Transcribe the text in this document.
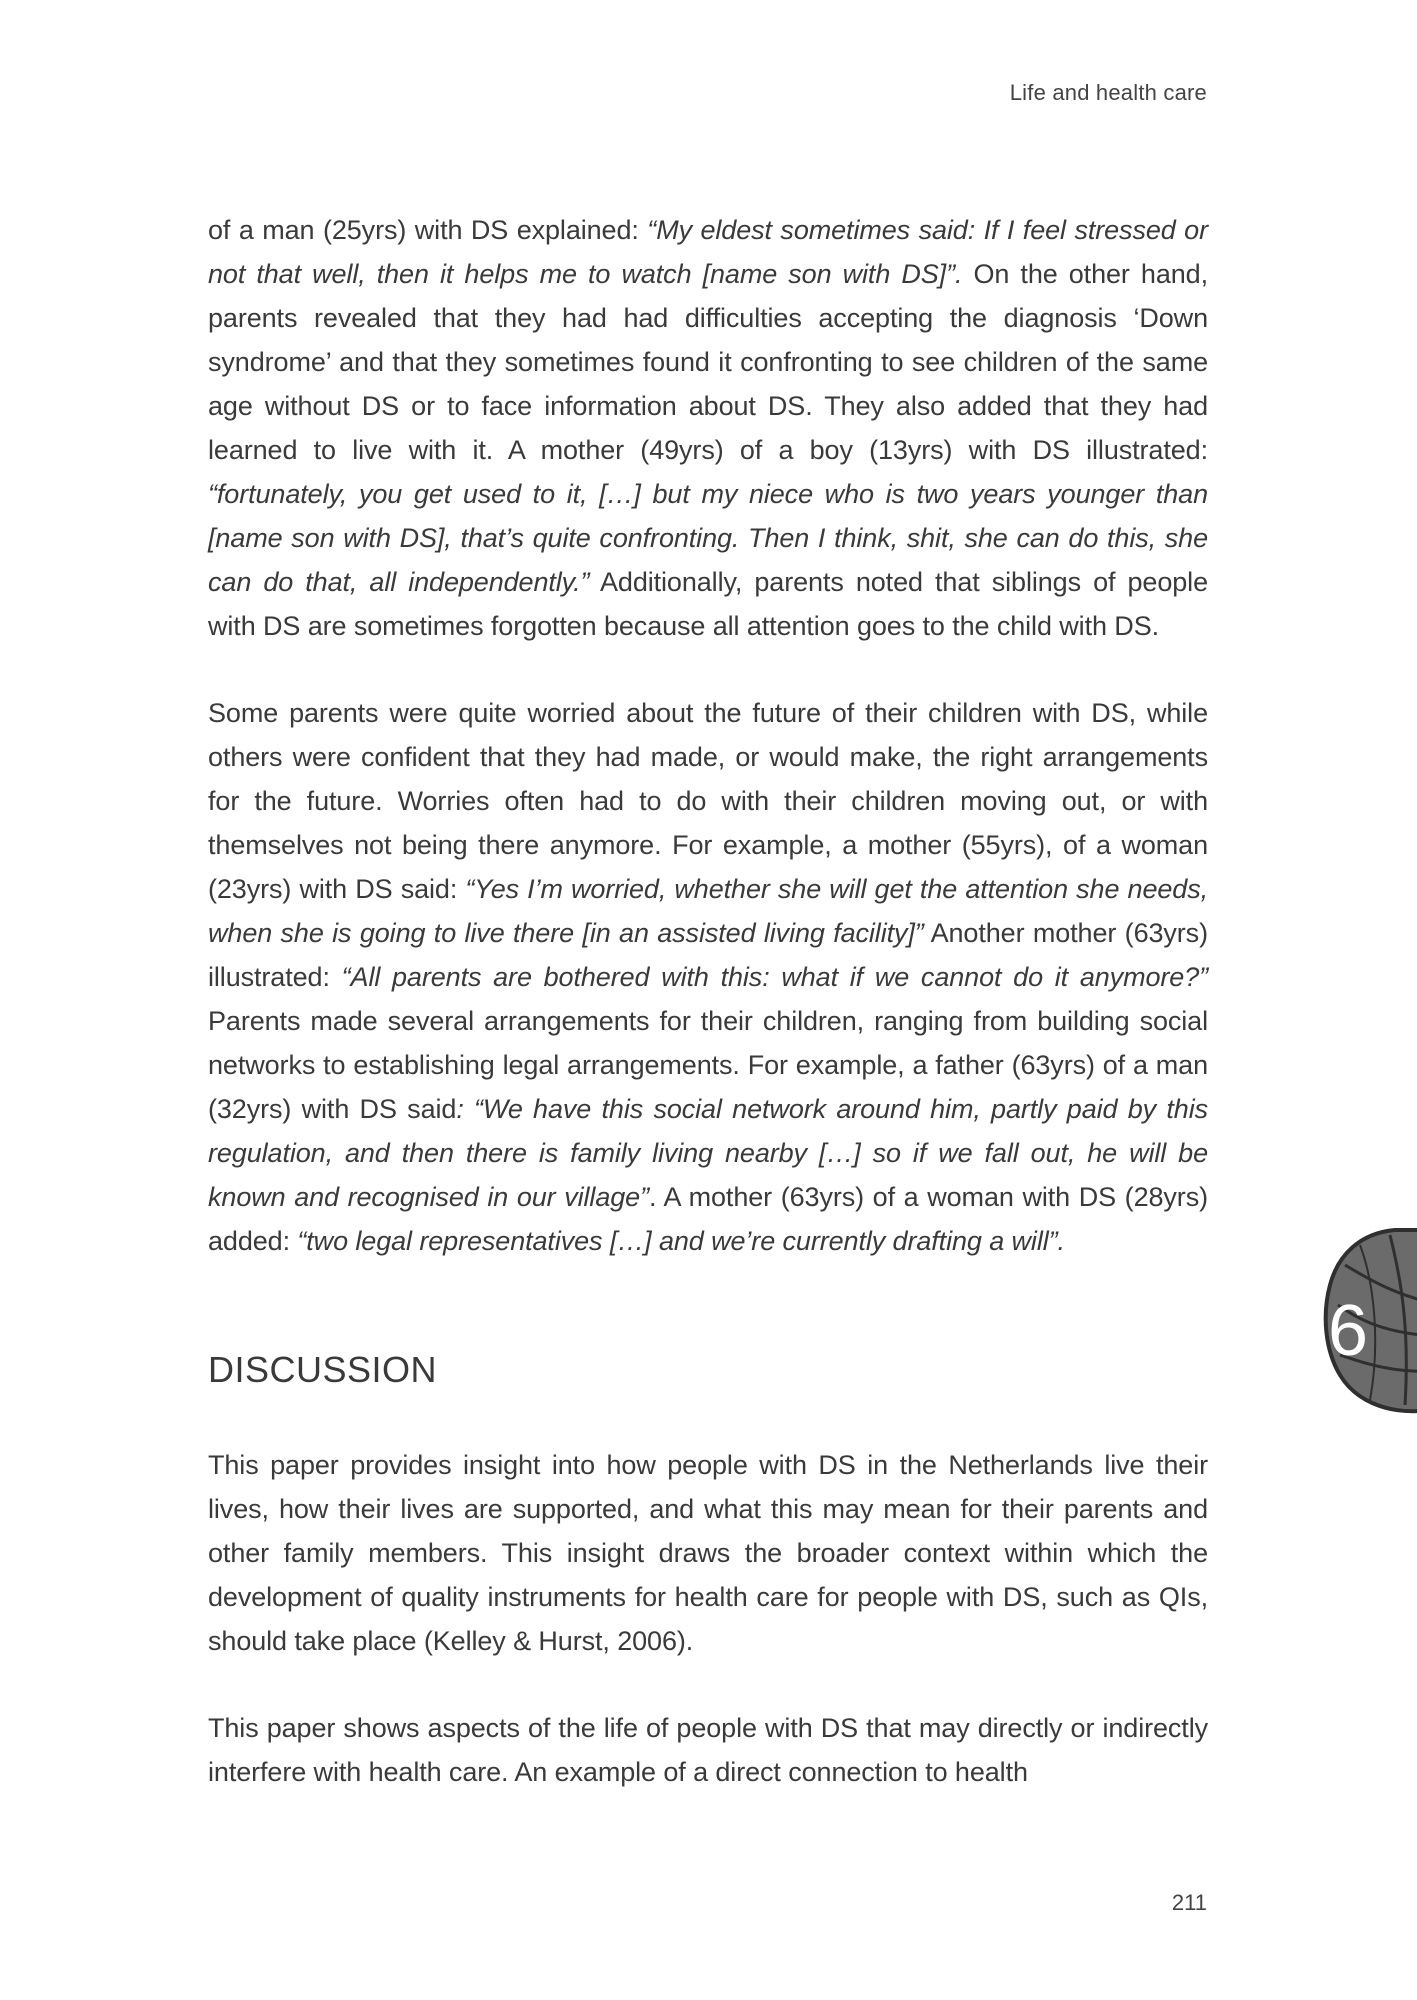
Life and health care

of a man (25yrs) with DS explained: “My eldest sometimes said: If I feel stressed or not that well, then it helps me to watch [name son with DS]”. On the other hand, parents revealed that they had had difficulties accepting the diagnosis ‘Down syndrome’ and that they sometimes found it confronting to see children of the same age without DS or to face information about DS. They also added that they had learned to live with it. A mother (49yrs) of a boy (13yrs) with DS illustrated: “fortunately, you get used to it, […] but my niece who is two years younger than [name son with DS], that’s quite confronting. Then I think, shit, she can do this, she can do that, all independently.” Additionally, parents noted that siblings of people with DS are sometimes forgotten because all attention goes to the child with DS.

Some parents were quite worried about the future of their children with DS, while others were confident that they had made, or would make, the right arrangements for the future. Worries often had to do with their children moving out, or with themselves not being there anymore. For example, a mother (55yrs), of a woman (23yrs) with DS said: “Yes I’m worried, whether she will get the attention she needs, when she is going to live there [in an assisted living facility]” Another mother (63yrs) illustrated: “All parents are bothered with this: what if we cannot do it anymore?” Parents made several arrangements for their children, ranging from building social networks to establishing legal arrangements. For example, a father (63yrs) of a man (32yrs) with DS said: “We have this social network around him, partly paid by this regulation, and then there is family living nearby […] so if we fall out, he will be known and recognised in our village”. A mother (63yrs) of a woman with DS (28yrs) added: “two legal representatives […] and we’re currently drafting a will”.

DISCUSSION

This paper provides insight into how people with DS in the Netherlands live their lives, how their lives are supported, and what this may mean for their parents and other family members. This insight draws the broader context within which the development of quality instruments for health care for people with DS, such as QIs, should take place (Kelley & Hurst, 2006).

This paper shows aspects of the life of people with DS that may directly or indirectly interfere with health care. An example of a direct connection to health

6
211
